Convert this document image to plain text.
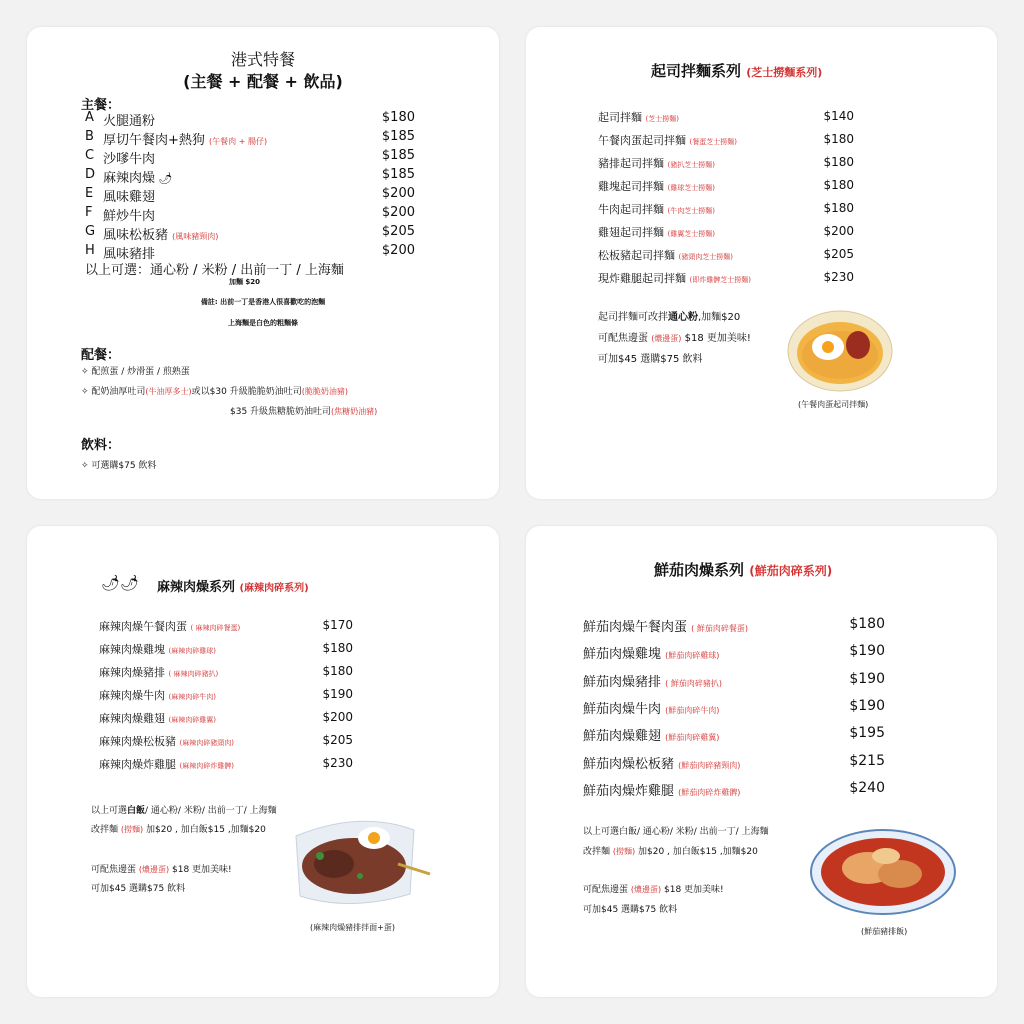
港式特餐
(主餐 + 配餐 + 飲品)
主餐：
A 火腿通粉	$180
B 厚切午餐肉+熱狗 (午餐肉 + 腸仔)	$185
C 沙嗲牛肉	$185
D 麻辣肉燥 🌶	$185
E 風味雞翅	$200
F 鮮炒牛肉	$200
G 風味松板豬 (風味豬頸肉)	$205
H 風味豬排	$200
以上可選：通心粉 / 米粉 / 出前一丁 / 上海麵
加麵 $20
備註: 出前一丁是香港人很喜歡吃的泡麵
上海麵是白色的粗麵條
配餐：
✧ 配煎蛋 / 炒滑蛋 / 煎熟蛋
✧ 配奶油厚吐司(牛油厚多士)或以$30 升級脆脆奶油吐司(脆脆奶油豬)
$35 升級焦糖脆奶油吐司(焦糖奶油豬)
飲料：
✧ 可選購$75 飲料
起司拌麵系列 (芝士撈麵系列)
起司拌麵 (芝士撈麵)	$140
午餐肉蛋起司拌麵 (餐蛋芝士撈麵)	$180
豬排起司拌麵 (豬扒芝士撈麵)	$180
雞塊起司拌麵 (雞球芝士撈麵)	$180
牛肉起司拌麵 (牛肉芝士撈麵)	$180
雞翅起司拌麵 (雞翼芝士撈麵)	$200
松板豬起司拌麵 (豬頸肉芝士撈麵)	$205
現炸雞腿起司拌麵 (即炸雞髀芝士撈麵)	$230
起司拌麵可改拌通心粉,加麵$20
可配焦邊蛋 (燶邊蛋) $18 更加美味!
可加$45 選購$75 飲料
(午餐肉蛋起司拌麵)
🌶🌶 麻辣肉燥系列 (麻辣肉碎系列)
麻辣肉燥午餐肉蛋 ( 麻辣肉碎餐蛋)	$170
麻辣肉燥雞塊 (麻辣肉碎雞球)	$180
麻辣肉燥豬排 ( 麻辣肉碎豬扒)	$180
麻辣肉燥牛肉 (麻辣肉碎牛肉)	$190
麻辣肉燥雞翅 (麻辣肉碎雞翼)	$200
麻辣肉燥松板豬 (麻辣肉碎豬頸肉)	$205
麻辣肉燥炸雞腿 (麻辣肉碎炸雞髀)	$230
以上可選白飯/ 通心粉/ 米粉/ 出前一丁/ 上海麵
改拌麵 (撈麵) 加$20 , 加白飯$15 ,加麵$20
可配焦邊蛋 (燶邊蛋) $18 更加美味!
可加$45 選購$75 飲料
(麻辣肉燥豬排拌面+蛋)
鮮茄肉燥系列 (鮮茄肉碎系列)
鮮茄肉燥午餐肉蛋 ( 鮮茄肉碎餐蛋)	$180
鮮茄肉燥雞塊 (鮮茄肉碎雞球)	$190
鮮茄肉燥豬排 ( 鮮茄肉碎豬扒)	$190
鮮茄肉燥牛肉 (鮮茄肉碎牛肉)	$190
鮮茄肉燥雞翅 (鮮茄肉碎雞翼)	$195
鮮茄肉燥松板豬 (鮮茄肉碎豬頸肉)	$215
鮮茄肉燥炸雞腿 (鮮茄肉碎炸雞髀)	$240
以上可選白飯/ 通心粉/ 米粉/ 出前一丁/ 上海麵
改拌麵 (撈麵) 加$20 , 加白飯$15 ,加麵$20
可配焦邊蛋 (燶邊蛋) $18 更加美味!
可加$45 選購$75 飲料
(鮮茄豬排飯)
